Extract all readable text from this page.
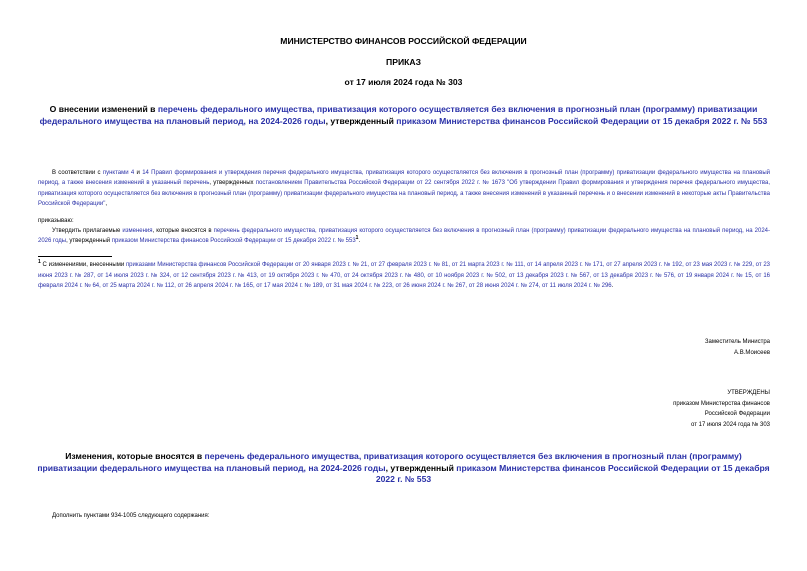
МИНИСТЕРСТВО ФИНАНСОВ РОССИЙСКОЙ ФЕДЕРАЦИИ
ПРИКАЗ
от 17 июля 2024 года № 303
О внесении изменений в перечень федерального имущества, приватизация которого осуществляется без включения в прогнозный план (программу) приватизации федерального имущества на плановый период, на 2024-2026 годы, утвержденный приказом Министерства финансов Российской Федерации от 15 декабря 2022 г. № 553
В соответствии с пунктами 4 и 14 Правил формирования и утверждения перечня федерального имущества, приватизация которого осуществляется без включения в прогнозный план (программу) приватизации федерального имущества на плановый период, а также внесения изменений в указанный перечень, утвержденных постановлением Правительства Российской Федерации от 22 сентября 2022 г. № 1673 "Об утверждении Правил формирования и утверждения перечня федерального имущества, приватизация которого осуществляется без включения в прогнозный план (программу) приватизации федерального имущества на плановый период, а также внесения изменений в указанный перечень и о внесении изменений в некоторые акты Правительства Российской Федерации",
приказываю:
Утвердить прилагаемые изменения, которые вносятся в перечень федерального имущества, приватизация которого осуществляется без включения в прогнозный план (программу) приватизации федерального имущества на плановый период, на 2024-2026 годы, утвержденный приказом Министерства финансов Российской Федерации от 15 декабря 2022 г. № $553^1$.
$^1$ С изменениями, внесенными приказами Министерства финансов Российской Федерации от 20 января 2023 г. № 21, от 27 февраля 2023 г. № 81, от 21 марта 2023 г. № 111, от 14 апреля 2023 г. № 171, от 27 апреля 2023 г. № 192, от 23 мая 2023 г. № 229, от 23 июня 2023 г. № 287, от 14 июля 2023 г. № 324, от 12 сентября 2023 г. № 413, от 19 октября 2023 г. № 470, от 24 октября 2023 г. № 480, от 10 ноября 2023 г. № 502, от 13 декабря 2023 г. № 567, от 13 декабря 2023 г. № 576, от 19 января 2024 г. № 15, от 16 февраля 2024 г. № 64, от 25 марта 2024 г. № 112, от 26 апреля 2024 г. № 165, от 17 мая 2024 г. № 189, от 31 мая 2024 г. № 223, от 26 июня 2024 г. № 267, от 28 июня 2024 г. № 274, от 11 июля 2024 г. № 296.
Заместитель Министра
А.В.Моисеев
УТВЕРЖДЕНЫ
приказом Министерства финансов
Российской Федерации
от 17 июля 2024 года № 303
Изменения, которые вносятся в перечень федерального имущества, приватизация которого осуществляется без включения в прогнозный план (программу) приватизации федерального имущества на плановый период, на 2024-2026 годы, утвержденный приказом Министерства финансов Российской Федерации от 15 декабря 2022 г. № 553
Дополнить пунктами 934-1005 следующего содержания:
